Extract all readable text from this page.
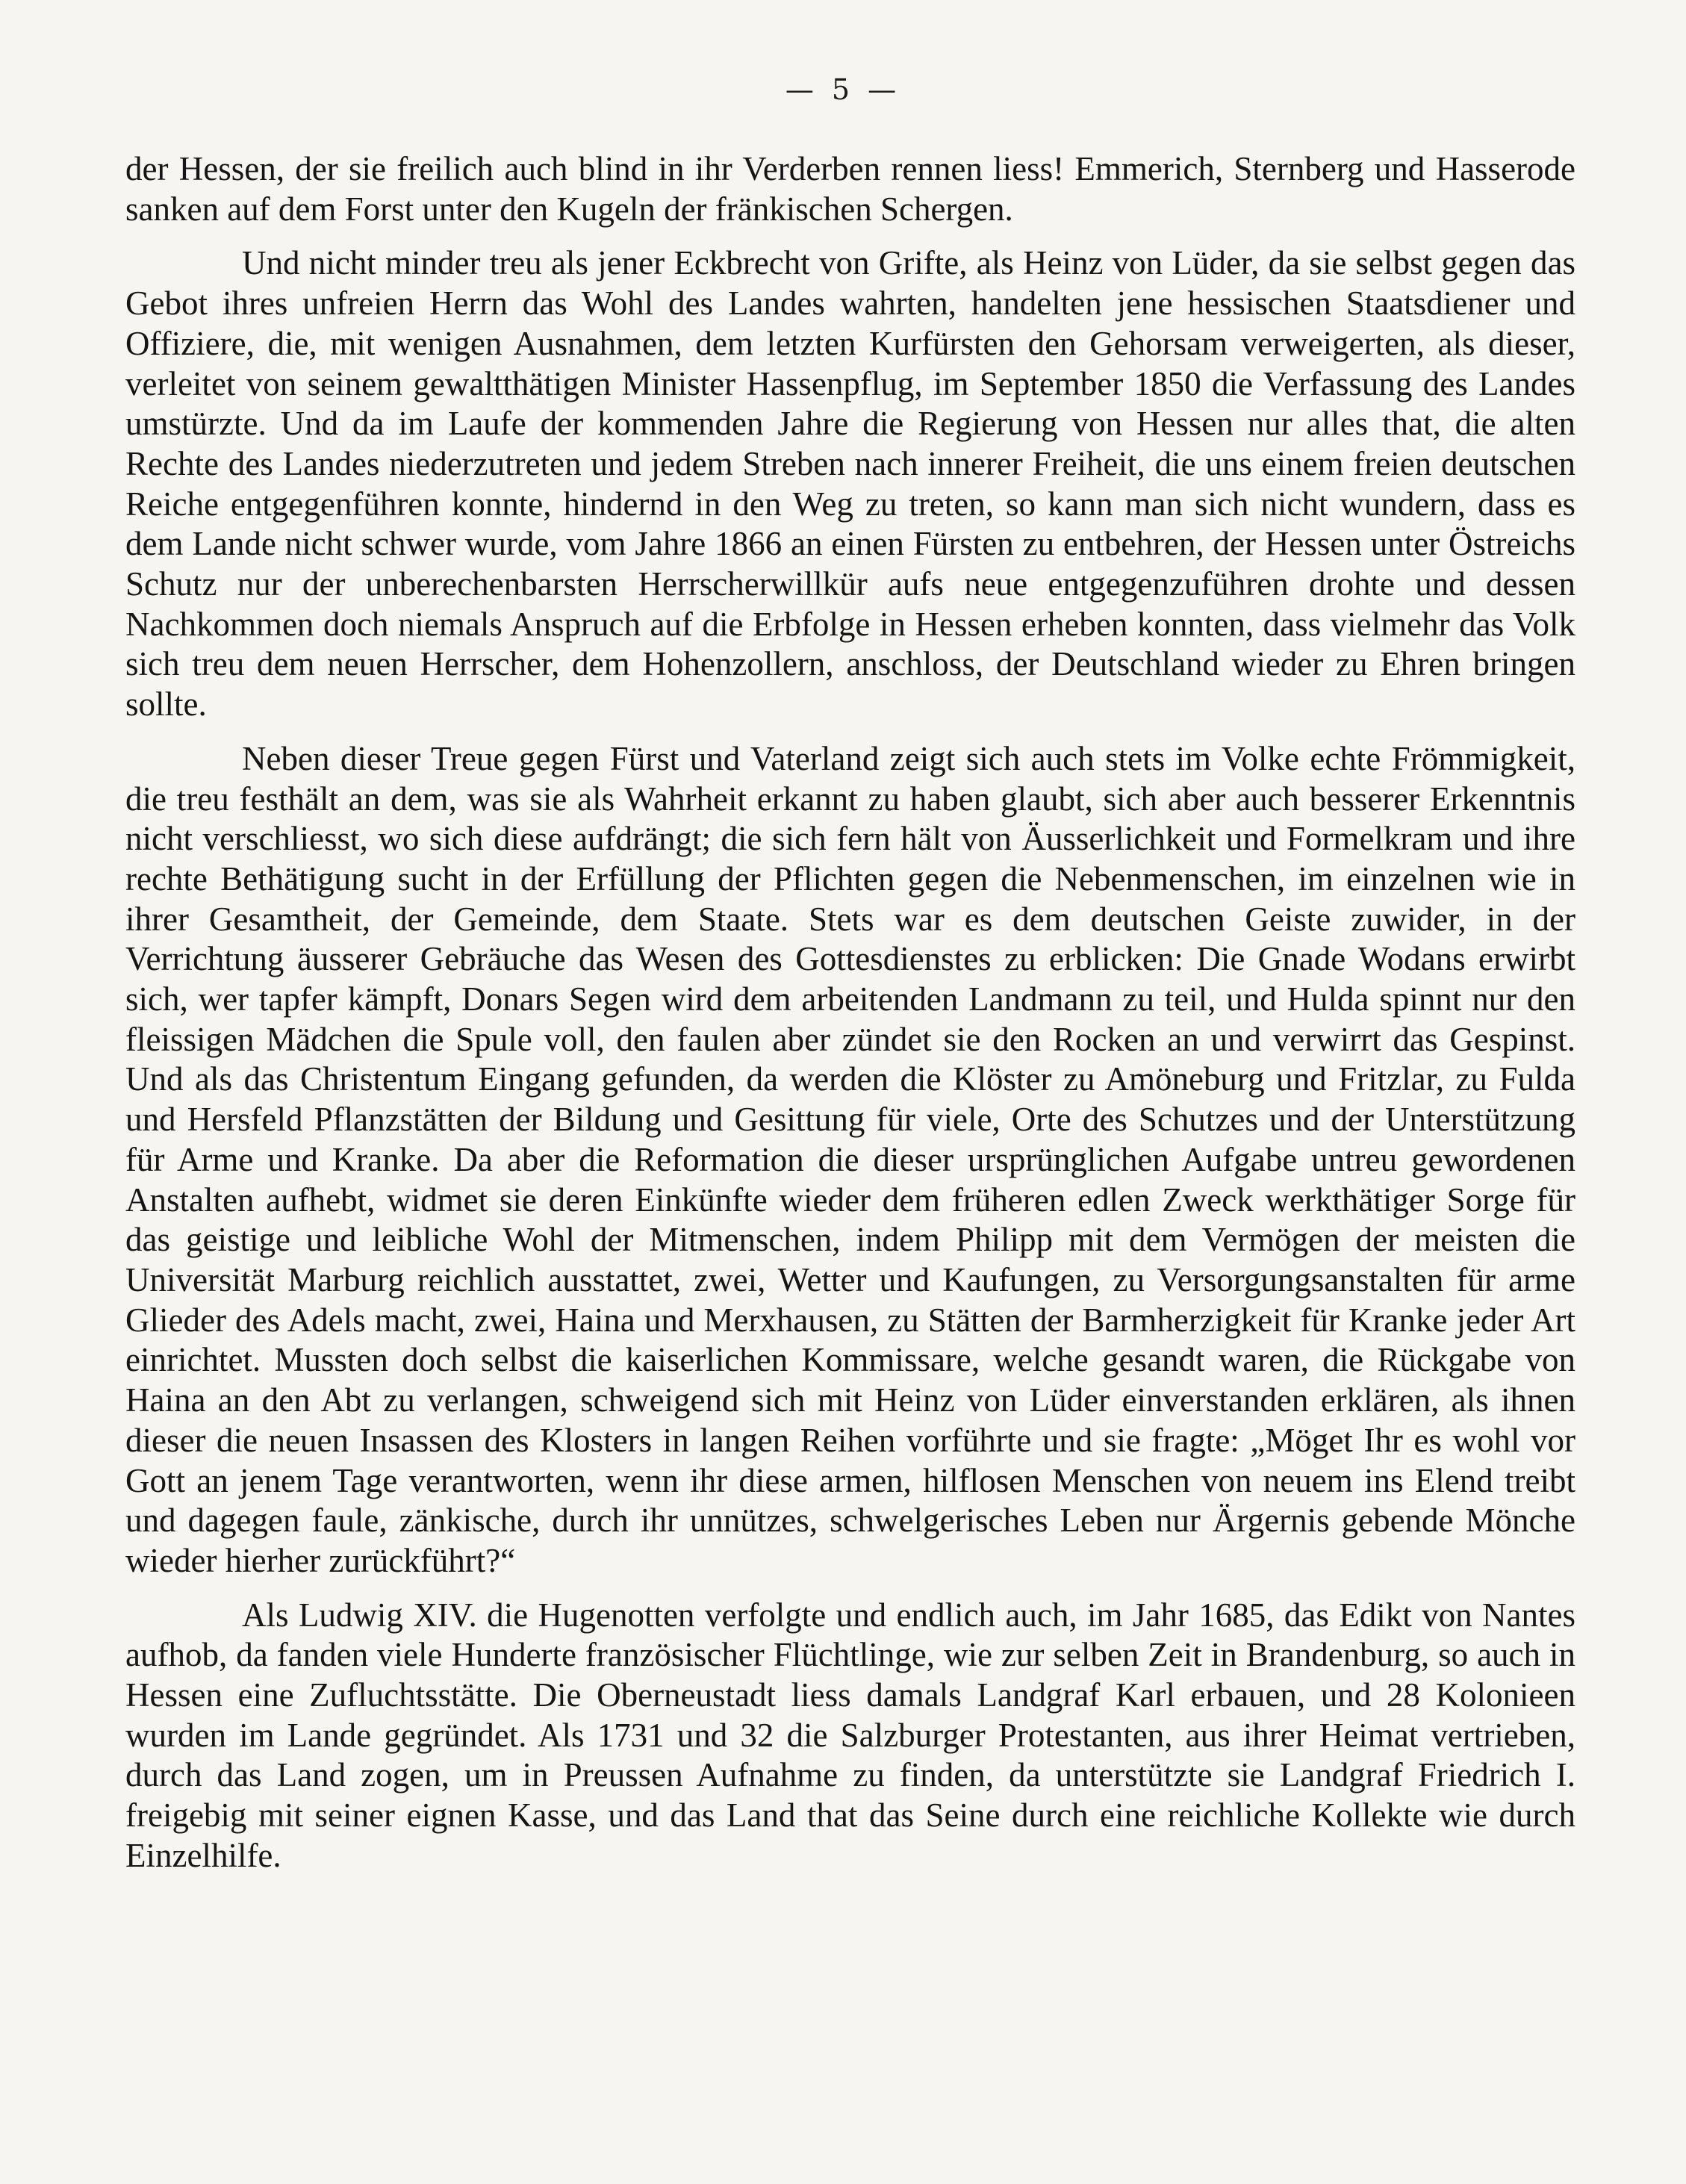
— 5 —

der Hessen, der sie freilich auch blind in ihr Verderben rennen liess! Emmerich, Sternberg und Hasserode sanken auf dem Forst unter den Kugeln der fränkischen Schergen.

Und nicht minder treu als jener Eckbrecht von Grifte, als Heinz von Lüder, da sie selbst gegen das Gebot ihres unfreien Herrn das Wohl des Landes wahrten, handelten jene hessischen Staatsdiener und Offiziere, die, mit wenigen Ausnahmen, dem letzten Kurfürsten den Gehorsam verweigerten, als dieser, verleitet von seinem gewaltthätigen Minister Hassenpflug, im September 1850 die Verfassung des Landes umstürzte. Und da im Laufe der kommenden Jahre die Regierung von Hessen nur alles that, die alten Rechte des Landes niederzutreten und jedem Streben nach innerer Freiheit, die uns einem freien deutschen Reiche entgegenführen konnte, hindernd in den Weg zu treten, so kann man sich nicht wundern, dass es dem Lande nicht schwer wurde, vom Jahre 1866 an einen Fürsten zu entbehren, der Hessen unter Östreichs Schutz nur der unberechenbarsten Herrscherwillkür aufs neue entgegenzuführen drohte und dessen Nachkommen doch niemals Anspruch auf die Erbfolge in Hessen erheben konnten, dass vielmehr das Volk sich treu dem neuen Herrscher, dem Hohenzollern, anschloss, der Deutschland wieder zu Ehren bringen sollte.

Neben dieser Treue gegen Fürst und Vaterland zeigt sich auch stets im Volke echte Frömmigkeit, die treu festhält an dem, was sie als Wahrheit erkannt zu haben glaubt, sich aber auch besserer Erkenntnis nicht verschliesst, wo sich diese aufdrängt; die sich fern hält von Äusserlichkeit und Formelkram und ihre rechte Bethätigung sucht in der Erfüllung der Pflichten gegen die Nebenmenschen, im einzelnen wie in ihrer Gesamtheit, der Gemeinde, dem Staate. Stets war es dem deutschen Geiste zuwider, in der Verrichtung äusserer Gebräuche das Wesen des Gottesdienstes zu erblicken: Die Gnade Wodans erwirbt sich, wer tapfer kämpft, Donars Segen wird dem arbeitenden Landmann zu teil, und Hulda spinnt nur den fleissigen Mädchen die Spule voll, den faulen aber zündet sie den Rocken an und verwirrt das Gespinst. Und als das Christentum Eingang gefunden, da werden die Klöster zu Amöneburg und Fritzlar, zu Fulda und Hersfeld Pflanzstätten der Bildung und Gesittung für viele, Orte des Schutzes und der Unterstützung für Arme und Kranke. Da aber die Reformation die dieser ursprünglichen Aufgabe untreu gewordenen Anstalten aufhebt, widmet sie deren Einkünfte wieder dem früheren edlen Zweck werkthätiger Sorge für das geistige und leibliche Wohl der Mitmenschen, indem Philipp mit dem Vermögen der meisten die Universität Marburg reichlich ausstattet, zwei, Wetter und Kaufungen, zu Versorgungsanstalten für arme Glieder des Adels macht, zwei, Haina und Merxhausen, zu Stätten der Barmherzigkeit für Kranke jeder Art einrichtet. Mussten doch selbst die kaiserlichen Kommissare, welche gesandt waren, die Rückgabe von Haina an den Abt zu verlangen, schweigend sich mit Heinz von Lüder einverstanden erklären, als ihnen dieser die neuen Insassen des Klosters in langen Reihen vorführte und sie fragte: „Möget Ihr es wohl vor Gott an jenem Tage verantworten, wenn ihr diese armen, hilflosen Menschen von neuem ins Elend treibt und dagegen faule, zänkische, durch ihr unnützes, schwelgerisches Leben nur Ärgernis gebende Mönche wieder hierher zurückführt?“

Als Ludwig XIV. die Hugenotten verfolgte und endlich auch, im Jahr 1685, das Edikt von Nantes aufhob, da fanden viele Hunderte französischer Flüchtlinge, wie zur selben Zeit in Brandenburg, so auch in Hessen eine Zufluchtsstätte. Die Oberneustadt liess damals Landgraf Karl erbauen, und 28 Kolonieen wurden im Lande gegründet. Als 1731 und 32 die Salzburger Protestanten, aus ihrer Heimat vertrieben, durch das Land zogen, um in Preussen Aufnahme zu finden, da unterstützte sie Landgraf Friedrich I. freigebig mit seiner eignen Kasse, und das Land that das Seine durch eine reichliche Kollekte wie durch Einzelhilfe.
